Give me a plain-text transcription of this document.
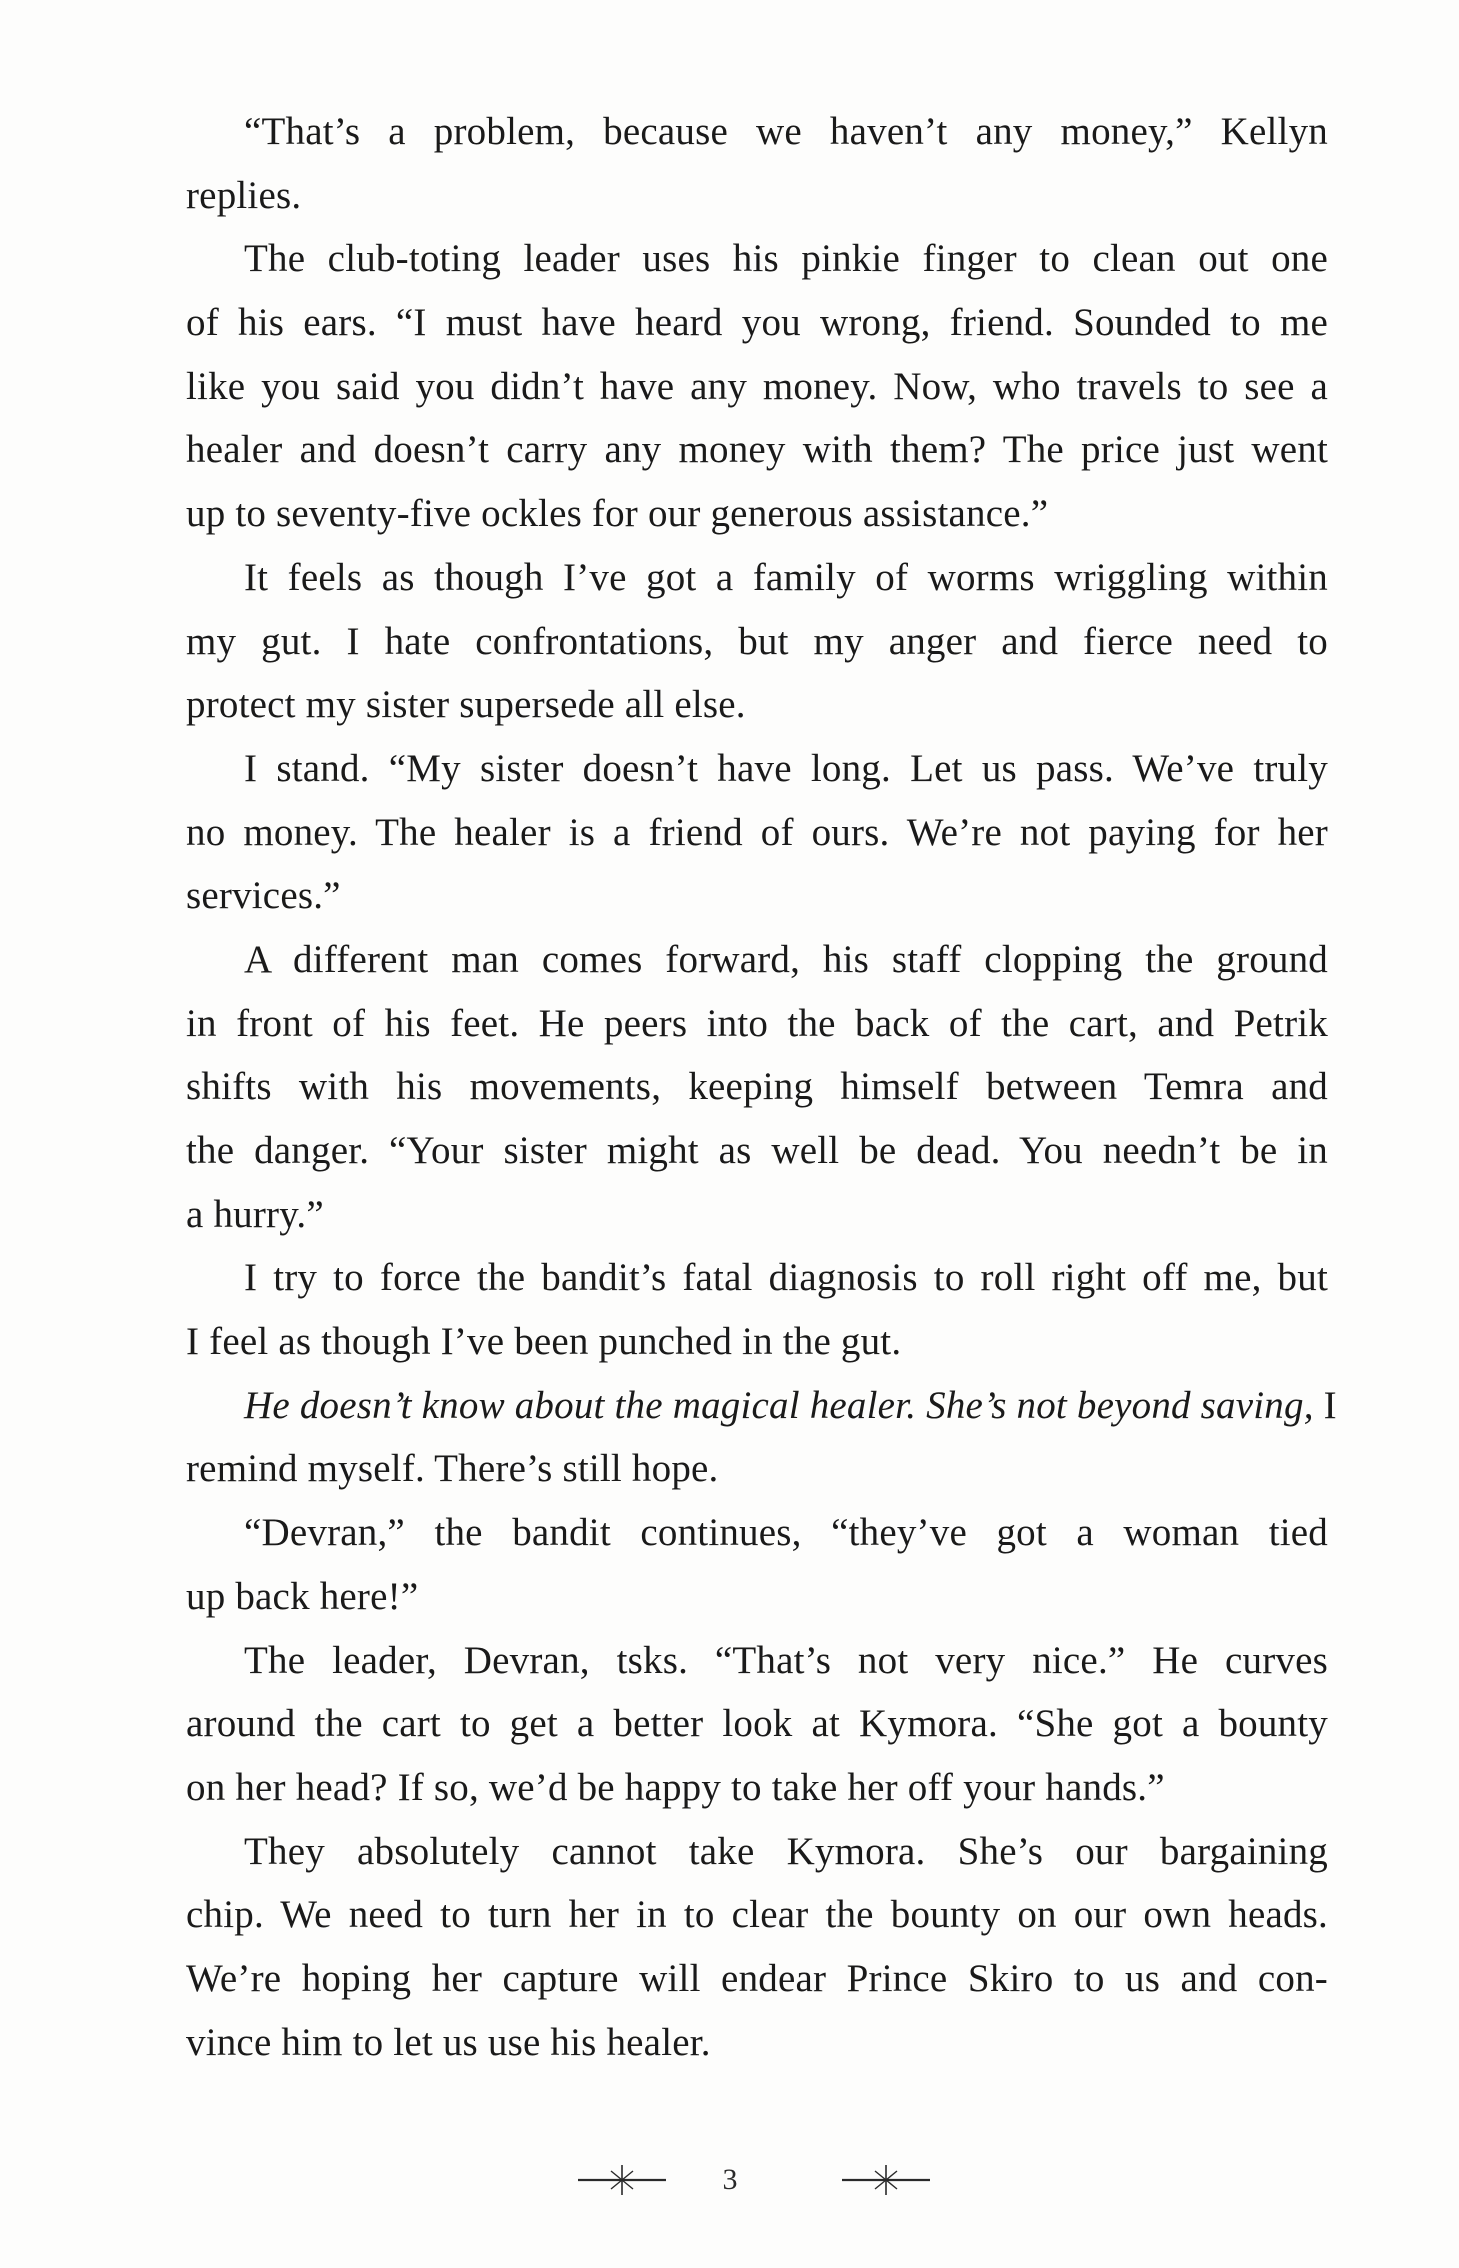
“That’s a problem, because we haven’t any money,” Kellyn
replies.
The club-toting leader uses his pinkie finger to clean out one
of his ears. “I must have heard you wrong, friend. Sounded to me
like you said you didn’t have any money. Now, who travels to see a
healer and doesn’t carry any money with them? The price just went
up to seventy-five ockles for our generous assistance.”
It feels as though I’ve got a family of worms wriggling within
my gut. I hate confrontations, but my anger and fierce need to
protect my sister supersede all else.
I stand. “My sister doesn’t have long. Let us pass. We’ve truly
no money. The healer is a friend of ours. We’re not paying for her
services.”
A different man comes forward, his staff clopping the ground
in front of his feet. He peers into the back of the cart, and Petrik
shifts with his movements, keeping himself between Temra and
the danger. “Your sister might as well be dead. You needn’t be in
a hurry.”
I try to force the bandit’s fatal diagnosis to roll right off me, but
I feel as though I’ve been punched in the gut.
He doesn’t know about the magical healer. She’s not beyond saving, I
remind myself. There’s still hope.
“Devran,” the bandit continues, “they’ve got a woman tied
up back here!”
The leader, Devran, tsks. “That’s not very nice.” He curves
around the cart to get a better look at Kymora. “She got a bounty
on her head? If so, we’d be happy to take her off your hands.”
They absolutely cannot take Kymora. She’s our bargaining
chip. We need to turn her in to clear the bounty on our own heads.
We’re hoping her capture will endear Prince Skiro to us and con-
vince him to let us use his healer.
3
